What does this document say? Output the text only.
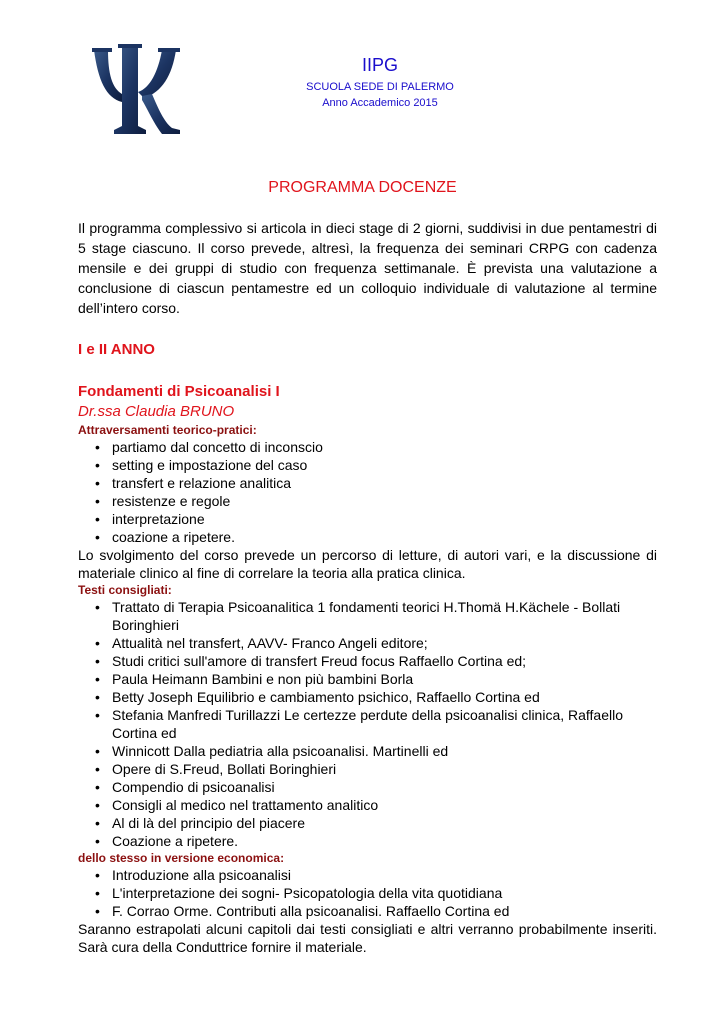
IIPG
SCUOLA SEDE DI PALERMO
Anno Accademico 2015
PROGRAMMA DOCENZE

Il programma complessivo si articola in dieci stage di 2 giorni, suddivisi in due pentamestri di 5 stage ciascuno. Il corso prevede, altresì, la frequenza dei seminari CRPG con cadenza mensile e dei gruppi di studio con frequenza settimanale. È prevista una valutazione a conclusione di ciascun pentamestre ed un colloquio individuale di valutazione al termine dell’intero corso.

I e II ANNO
Fondamenti di Psicoanalisi I
Dr.ssa Claudia BRUNO
Attraversamenti teorico-pratici:
• partiamo dal concetto di inconscio
• setting e impostazione del caso
• transfert e relazione analitica
• resistenze e regole
• interpretazione
• coazione a ripetere.

Lo svolgimento del corso prevede un percorso di letture, di autori vari, e la discussione di materiale clinico al fine di correlare la teoria alla pratica clinica.

Testi consigliati:
• Trattato di Terapia Psicoanalitica 1 fondamenti teorici H.Thomä H.Kächele - Bollati Boringhieri
• Attualità nel transfert, AAVV- Franco Angeli editore;
• Studi critici sull'amore di transfert Freud focus Raffaello Cortina ed;
• Paula Heimann Bambini e non più bambini Borla
• Betty Joseph Equilibrio e cambiamento psichico, Raffaello Cortina ed
• Stefania Manfredi Turillazzi Le certezze perdute della psicoanalisi clinica, Raffaello Cortina ed
• Winnicott Dalla pediatria alla psicoanalisi. Martinelli ed
• Opere di S.Freud, Bollati Boringhieri
• Compendio di psicoanalisi
• Consigli al medico nel trattamento analitico
• Al di là del principio del piacere
• Coazione a ripetere.
dello stesso in versione economica:
• Introduzione alla psicoanalisi
• L'interpretazione dei sogni- Psicopatologia della vita quotidiana
• F. Corrao Orme. Contributi alla psicoanalisi. Raffaello Cortina ed

Saranno estrapolati alcuni capitoli dai testi consigliati e altri verranno probabilmente inseriti. Sarà cura della Conduttrice fornire il materiale.
